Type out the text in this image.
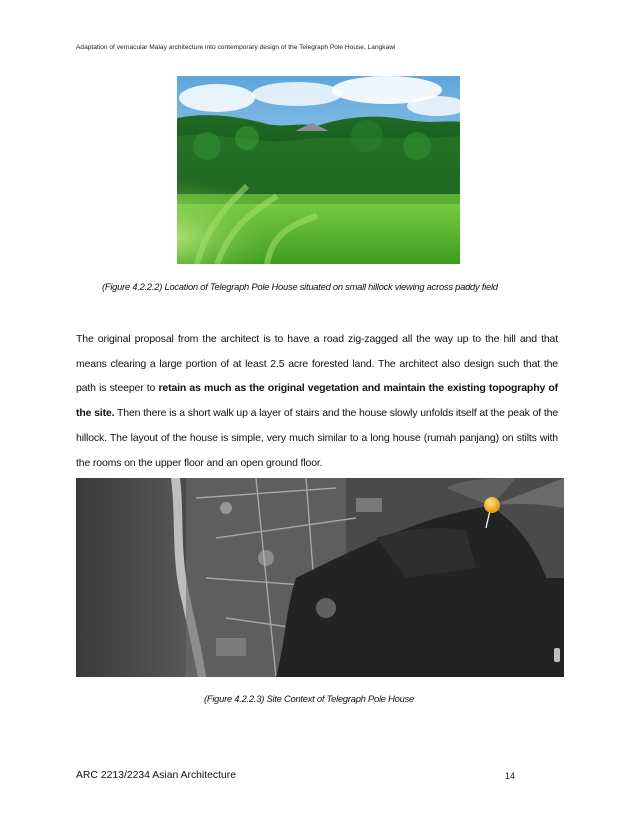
Adaptation of vernacular Malay architecture into contemporary design of the Telegraph Pole House, Langkawi
(Figure 4.2.2.2) Location of Telegraph Pole House situated on small hillock viewing across paddy field

The original proposal from the architect is to have a road zig-zagged all the way up to the hill and that means clearing a large portion of at least 2.5 acre forested land. The architect also design such that the path is steeper to retain as much as the original vegetation and maintain the existing topography of the site. Then there is a short walk up a layer of stairs and the house slowly unfolds itself at the peak of the hillock. The layout of the house is simple, very much similar to a long house (rumah panjang) on stilts with the rooms on the upper floor and an open ground floor.

(Figure 4.2.2.3) Site Context of Telegraph Pole House
ARC 2213/2234 Asian Architecture	14
